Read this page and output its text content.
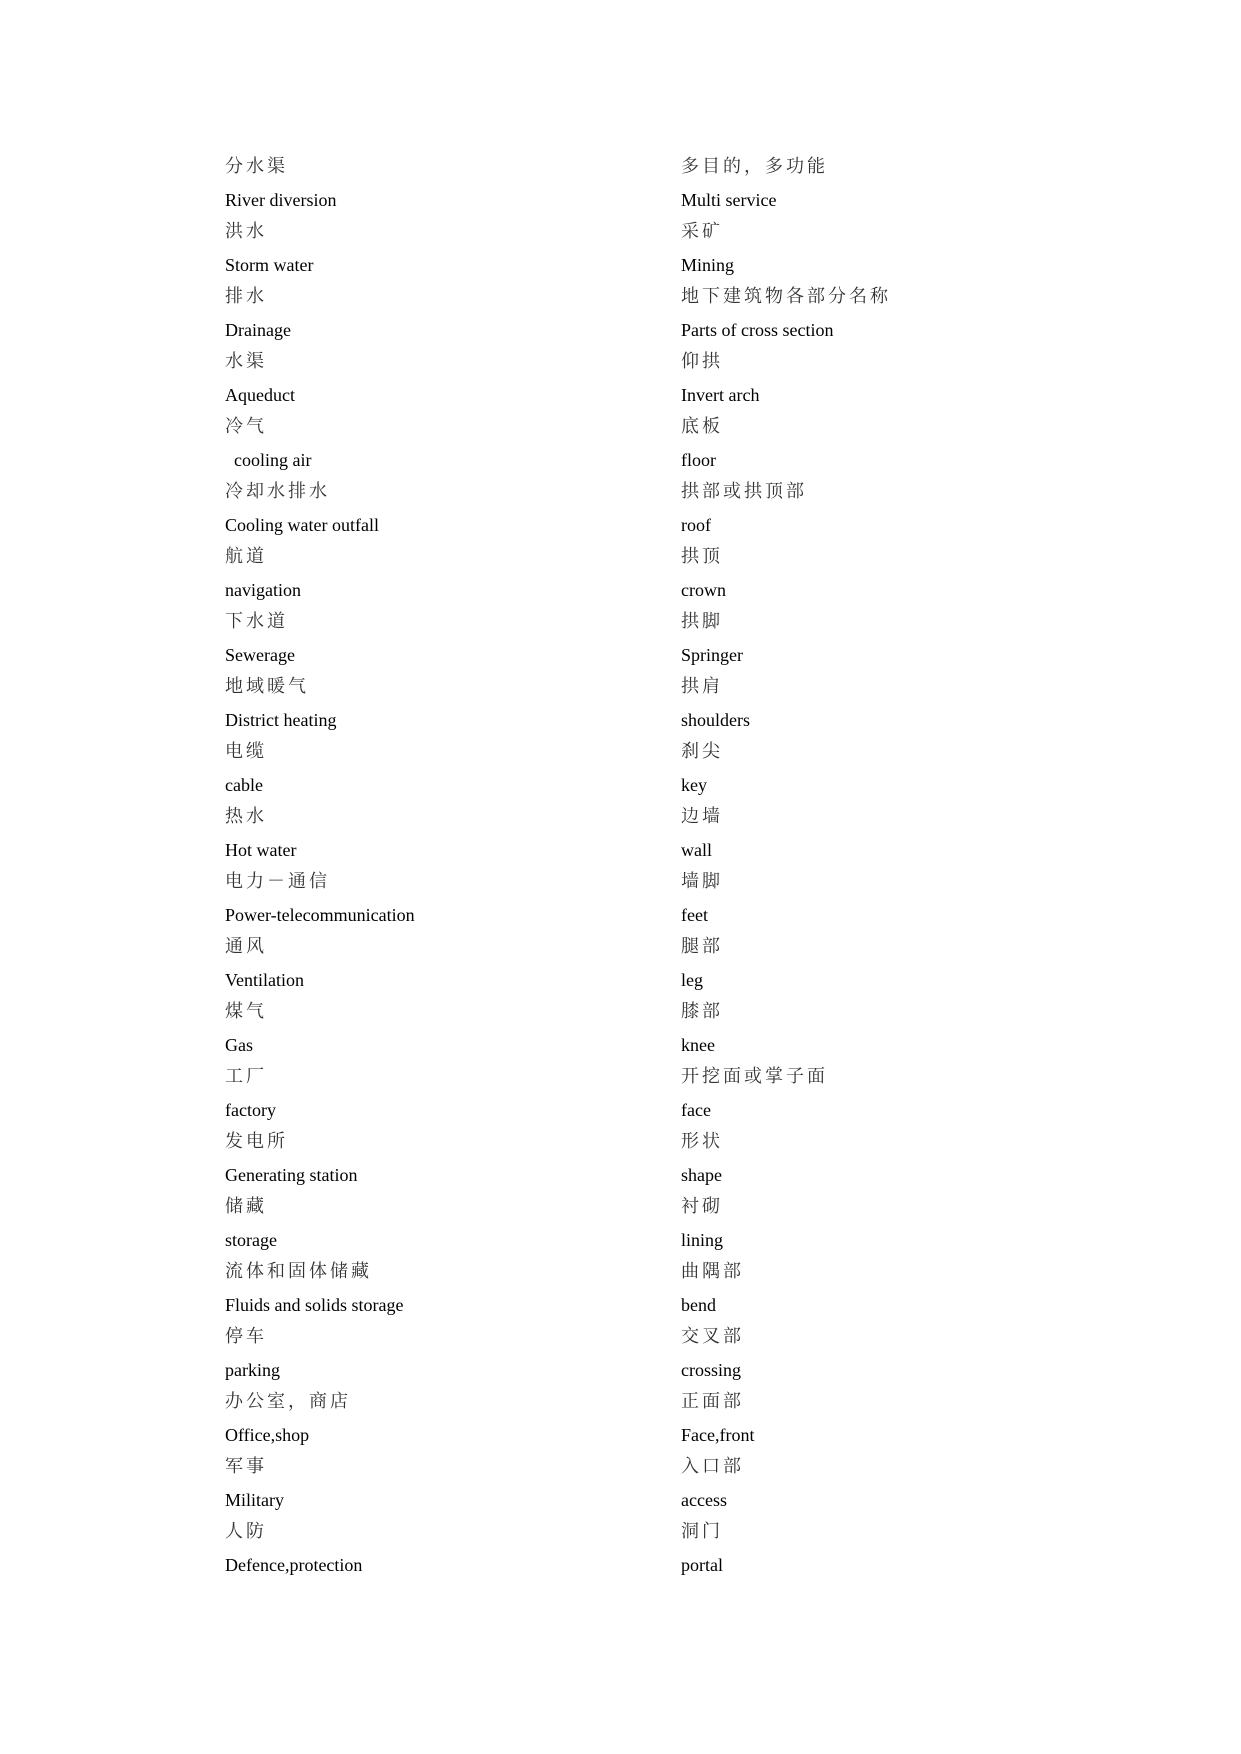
分水渠
River diversion
洪水
Storm water
排水
Drainage
水渠
Aqueduct
冷气
cooling air
冷却水排水
Cooling water outfall
航道
navigation
下水道
Sewerage
地域暖气
District heating
电缆
cable
热水
Hot water
电力－通信
Power-telecommunication
通风
Ventilation
煤气
Gas
工厂
factory
发电所
Generating station
储藏
storage
流体和固体储藏
Fluids and solids storage
停车
parking
办公室，商店
Office,shop
军事
Military
人防
Defence,protection
多目的，多功能
Multi service
采矿
Mining
地下建筑物各部分名称
Parts of cross section
仰拱
Invert arch
底板
floor
拱部或拱顶部
roof
拱顶
crown
拱脚
Springer
拱肩
shoulders
刹尖
key
边墙
wall
墙脚
feet
腿部
leg
膝部
knee
开挖面或掌子面
face
形状
shape
衬砌
lining
曲隅部
bend
交叉部
crossing
正面部
Face,front
入口部
access
洞门
portal
